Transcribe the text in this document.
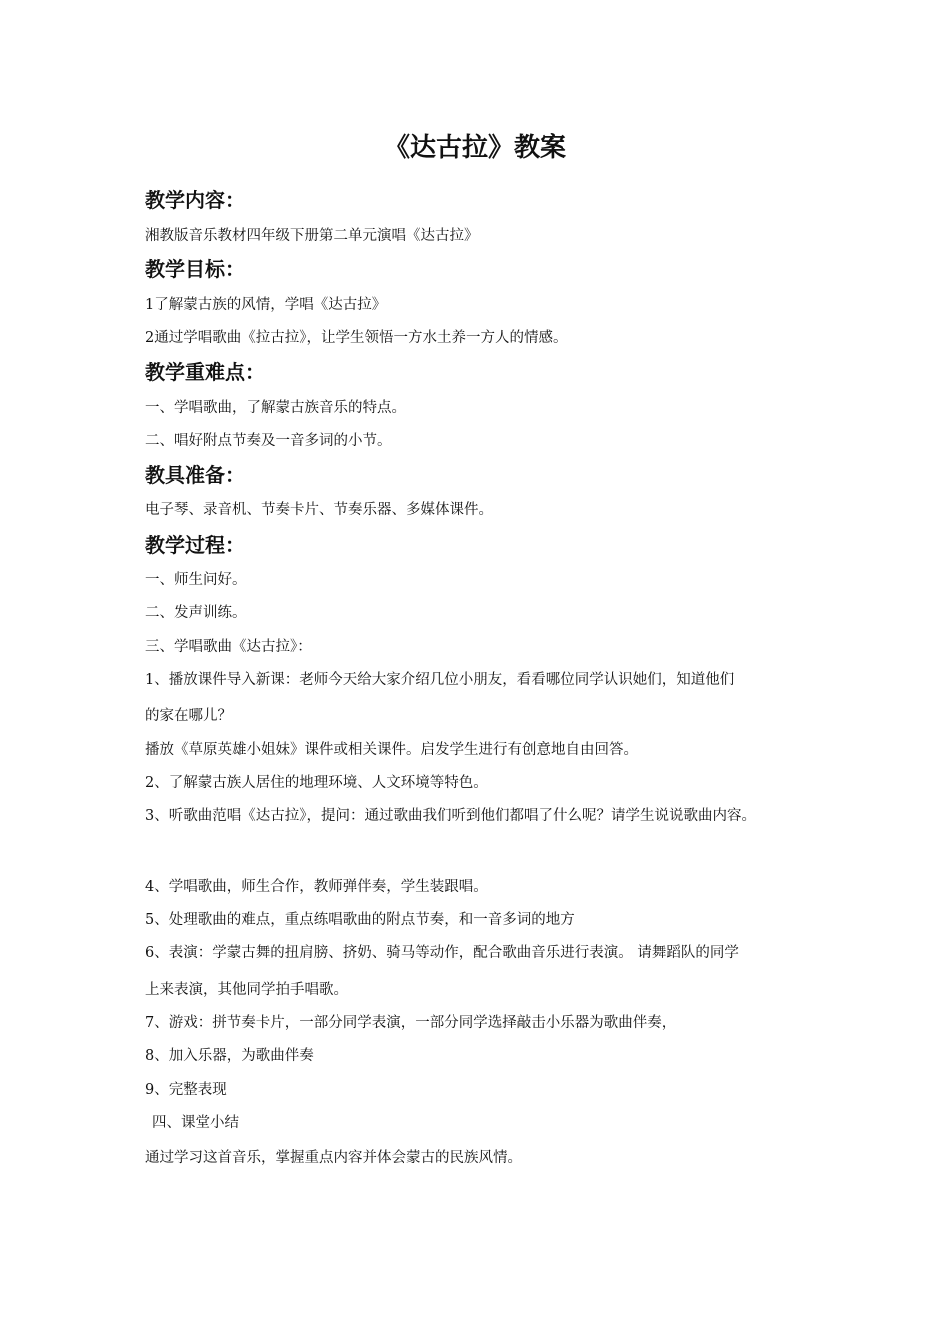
《达古拉》教案
教学内容：
湘教版音乐教材四年级下册第二单元演唱《达古拉》
教学目标：
1了解蒙古族的风情，学唱《达古拉》
2通过学唱歌曲《拉古拉》，让学生领悟一方水土养一方人的情感。
教学重难点：
一、学唱歌曲，了解蒙古族音乐的特点。
二、唱好附点节奏及一音多词的小节。
教具准备：
电子琴、录音机、节奏卡片、节奏乐器、多媒体课件。
教学过程：
一、师生问好。
二、发声训练。
三、学唱歌曲《达古拉》：
1、播放课件导入新课：老师今天给大家介绍几位小朋友，看看哪位同学认识她们，知道他们
的家在哪儿？
播放《草原英雄小姐妹》课件或相关课件。启发学生进行有创意地自由回答。
2、了解蒙古族人居住的地理环境、人文环境等特色。
3、听歌曲范唱《达古拉》，提问：通过歌曲我们听到他们都唱了什么呢？请学生说说歌曲内容。
4、学唱歌曲，师生合作，教师弹伴奏，学生装跟唱。
5、处理歌曲的难点，重点练唱歌曲的附点节奏，和一音多词的地方
6、表演：学蒙古舞的扭肩膀、挤奶、骑马等动作，配合歌曲音乐进行表演。 请舞蹈队的同学
上来表演，其他同学拍手唱歌。
7、游戏：拼节奏卡片，一部分同学表演，一部分同学选择敲击小乐器为歌曲伴奏，
8、加入乐器，为歌曲伴奏
9、完整表现
四、课堂小结
通过学习这首音乐，掌握重点内容并体会蒙古的民族风情。
